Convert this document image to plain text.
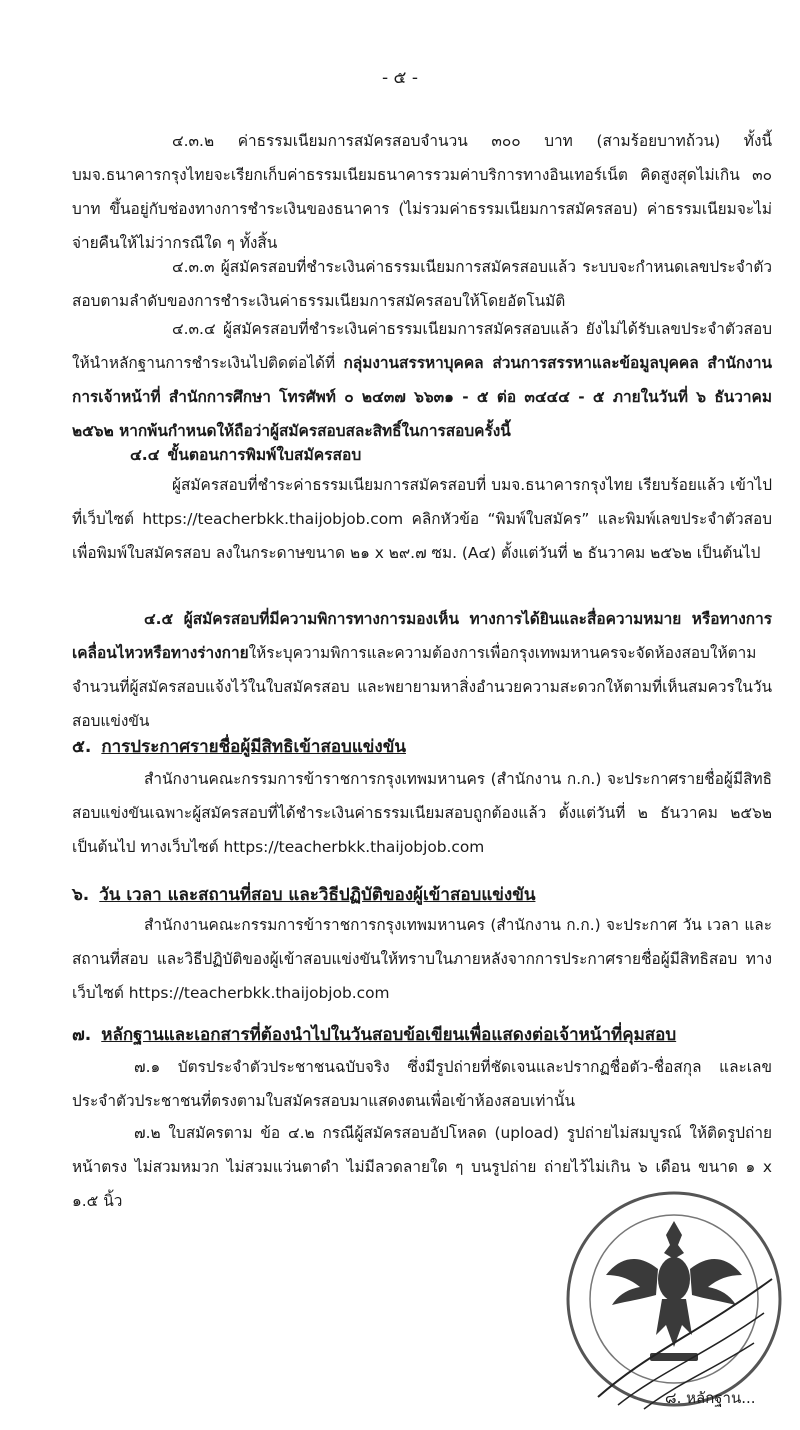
- ๕ -

๔.๓.๒ ค่าธรรมเนียมการสมัครสอบจำนวน ๓๐๐ บาท (สามร้อยบาทถ้วน) ทั้งนี้ บมจ.ธนาคารกรุงไทยจะเรียกเก็บค่าธรรมเนียมธนาคารรวมค่าบริการทางอินเทอร์เน็ต คิดสูงสุดไม่เกิน ๓๐ บาท ขึ้นอยู่กับช่องทางการชำระเงินของธนาคาร (ไม่รวมค่าธรรมเนียมการสมัครสอบ) ค่าธรรมเนียมจะไม่จ่ายคืนให้ไม่ว่ากรณีใด ๆ ทั้งสิ้น

๔.๓.๓ ผู้สมัครสอบที่ชำระเงินค่าธรรมเนียมการสมัครสอบแล้ว ระบบจะกำหนดเลขประจำตัวสอบตามลำดับของการชำระเงินค่าธรรมเนียมการสมัครสอบให้โดยอัตโนมัติ

๔.๓.๔ ผู้สมัครสอบที่ชำระเงินค่าธรรมเนียมการสมัครสอบแล้ว ยังไม่ได้รับเลขประจำตัวสอบให้นำหลักฐานการชำระเงินไปติดต่อได้ที่ กลุ่มงานสรรหาบุคคล ส่วนการสรรหาและข้อมูลบุคคล สำนักงานการเจ้าหน้าที่ สำนักการศึกษา โทรศัพท์ ๐ ๒๔๓๗ ๖๖๓๑ - ๕ ต่อ ๓๔๔๔ - ๕ ภายในวันที่ ๖ ธันวาคม ๒๕๖๒ หากพ้นกำหนดให้ถือว่าผู้สมัครสอบสละสิทธิ์ในการสอบครั้งนี้

๔.๔ ขั้นตอนการพิมพ์ใบสมัครสอบ

ผู้สมัครสอบที่ชำระค่าธรรมเนียมการสมัครสอบที่ บมจ.ธนาคารกรุงไทย เรียบร้อยแล้ว เข้าไปที่เว็บไซต์ https://teacherbkk.thaijobjob.com คลิกหัวข้อ “พิมพ์ใบสมัคร” และพิมพ์เลขประจำตัวสอบ เพื่อพิมพ์ใบสมัครสอบ ลงในกระดาษขนาด ๒๑ x ๒๙.๗ ซม. (A๔) ตั้งแต่วันที่ ๒ ธันวาคม ๒๕๖๒ เป็นต้นไป

๔.๕ ผู้สมัครสอบที่มีความพิการทางการมองเห็น ทางการได้ยินและสื่อความหมาย หรือทางการเคลื่อนไหวหรือทางร่างกายให้ระบุความพิการและความต้องการเพื่อกรุงเทพมหานครจะจัดห้องสอบให้ตามจำนวนที่ผู้สมัครสอบแจ้งไว้ในใบสมัครสอบ และพยายามหาสิ่งอำนวยความสะดวกให้ตามที่เห็นสมควรในวันสอบแข่งขัน

๕. การประกาศรายชื่อผู้มีสิทธิเข้าสอบแข่งขัน

สำนักงานคณะกรรมการข้าราชการกรุงเทพมหานคร (สำนักงาน ก.ก.) จะประกาศรายชื่อผู้มีสิทธิสอบแข่งขันเฉพาะผู้สมัครสอบที่ได้ชำระเงินค่าธรรมเนียมสอบถูกต้องแล้ว ตั้งแต่วันที่ ๒ ธันวาคม ๒๕๖๒ เป็นต้นไป ทางเว็บไซต์ https://teacherbkk.thaijobjob.com

๖. วัน เวลา และสถานที่สอบ และวิธีปฏิบัติของผู้เข้าสอบแข่งขัน

สำนักงานคณะกรรมการข้าราชการกรุงเทพมหานคร (สำนักงาน ก.ก.) จะประกาศ วัน เวลา และสถานที่สอบ และวิธีปฏิบัติของผู้เข้าสอบแข่งขันให้ทราบในภายหลังจากการประกาศรายชื่อผู้มีสิทธิสอบ ทางเว็บไซต์ https://teacherbkk.thaijobjob.com

๗. หลักฐานและเอกสารที่ต้องนำไปในวันสอบข้อเขียนเพื่อแสดงต่อเจ้าหน้าที่คุมสอบ

๗.๑ บัตรประจำตัวประชาชนฉบับจริง ซึ่งมีรูปถ่ายที่ชัดเจนและปรากฏชื่อตัว-ชื่อสกุล และเลขประจำตัวประชาชนที่ตรงตามใบสมัครสอบมาแสดงตนเพื่อเข้าห้องสอบเท่านั้น

๗.๒ ใบสมัครตาม ข้อ ๔.๒ กรณีผู้สมัครสอบอัปโหลด (upload) รูปถ่ายไม่สมบูรณ์ ให้ติดรูปถ่ายหน้าตรง ไม่สวมหมวก ไม่สวมแว่นตาดำ ไม่มีลวดลายใด ๆ บนรูปถ่าย ถ่ายไว้ไม่เกิน ๖ เดือน ขนาด ๑ x ๑.๕ นิ้ว

๘. หลักฐาน...
